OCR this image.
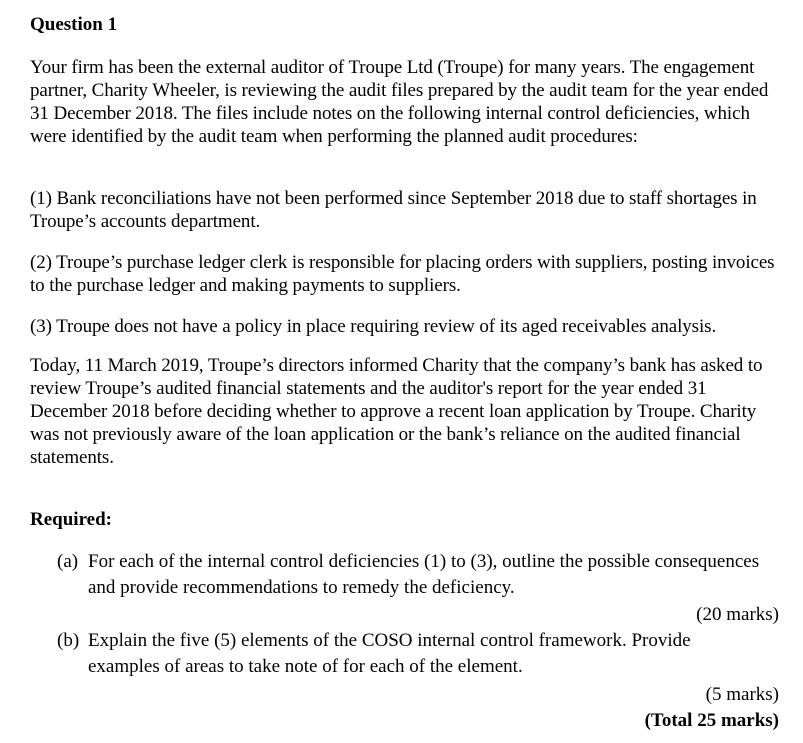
Question 1
Your firm has been the external auditor of Troupe Ltd (Troupe) for many years. The engagement partner, Charity Wheeler, is reviewing the audit files prepared by the audit team for the year ended 31 December 2018. The files include notes on the following internal control deficiencies, which were identified by the audit team when performing the planned audit procedures:
(1) Bank reconciliations have not been performed since September 2018 due to staff shortages in Troupe’s accounts department.
(2) Troupe’s purchase ledger clerk is responsible for placing orders with suppliers, posting invoices to the purchase ledger and making payments to suppliers.
(3) Troupe does not have a policy in place requiring review of its aged receivables analysis.
Today, 11 March 2019, Troupe’s directors informed Charity that the company’s bank has asked to review Troupe’s audited financial statements and the auditor's report for the year ended 31 December 2018 before deciding whether to approve a recent loan application by Troupe. Charity was not previously aware of the loan application or the bank’s reliance on the audited financial statements.
Required:
(a) For each of the internal control deficiencies (1) to (3), outline the possible consequences
and provide recommendations to remedy the deficiency.
(20 marks)
(b) Explain the five (5) elements of the COSO internal control framework. Provide
examples of areas to take note of for each of the element.
(5 marks)
(Total 25 marks)
